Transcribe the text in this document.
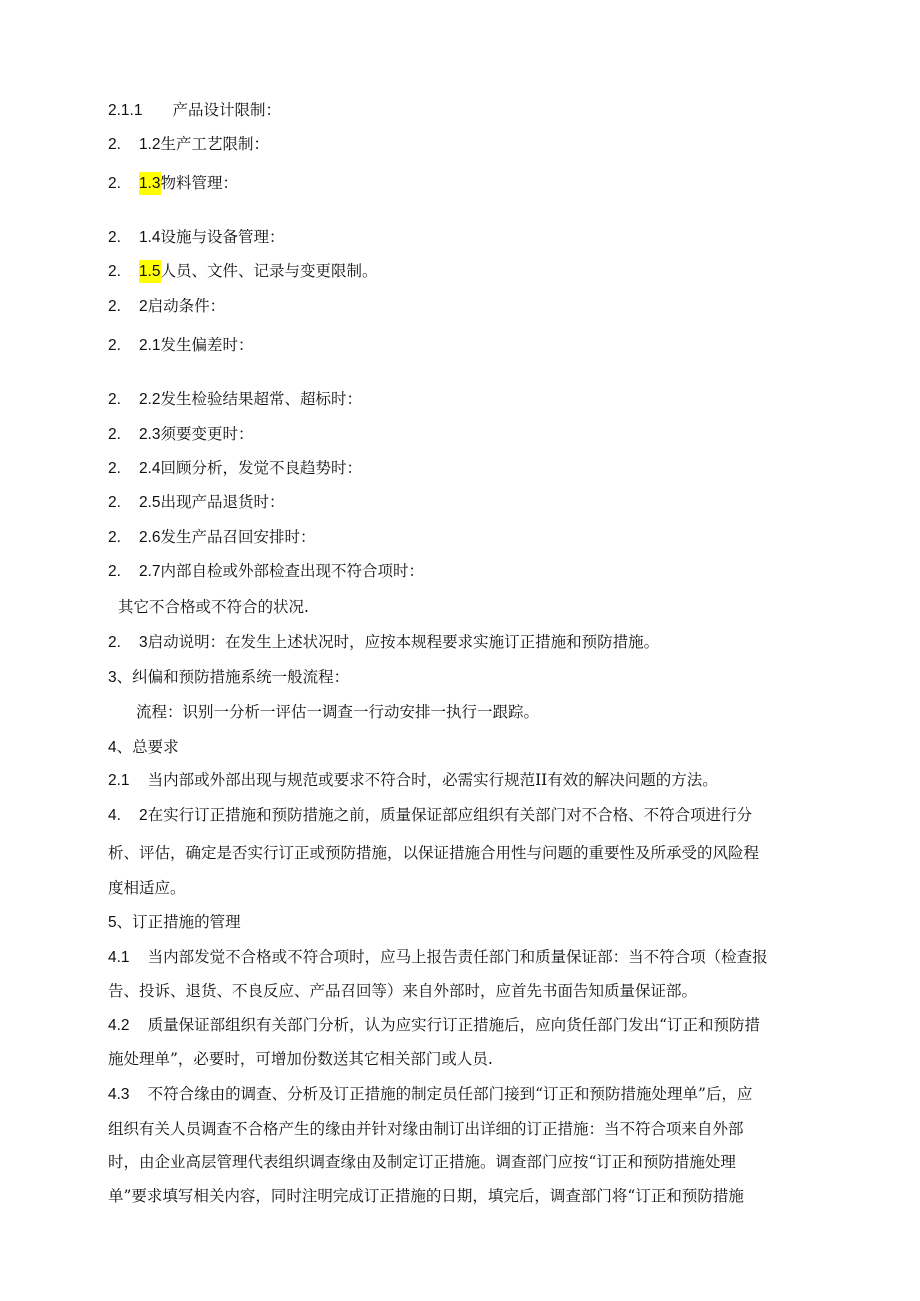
2.1.1 产品设计限制：
2. 1.2生产工艺限制：
2. 1.3物料管理：
2. 1.4设施与设备管理：
2. 1.5人员、文件、记录与变更限制。
2. 2启动条件：
2. 2.1发生偏差时：
2. 2.2发生检验结果超常、超标时：
2. 2.3须要变更时：
2. 2.4回顾分析，发觉不良趋势时：
2. 2.5出现产品退货时：
2. 2.6发生产品召回安排时：
2. 2.7内部自检或外部检查出现不符合项时：
其它不合格或不符合的状况.
2. 3启动说明：在发生上述状况时，应按本规程要求实施订正措施和预防措施。
3、纠偏和预防措施系统一般流程：
流程：识别一分析一评估一调查一行动安排一执行一跟踪。
4、总要求
2.1 当内部或外部出现与规范或要求不符合时，必需实行规范II有效的解决问题的方法。
4. 2在实行订正措施和预防措施之前，质量保证部应组织有关部门对不合格、不符合项进行分
析、评估，确定是否实行订正或预防措施，以保证措施合用性与问题的重要性及所承受的风险程
度相适应。
5、订正措施的管理
4.1 当内部发觉不合格或不符合项时，应马上报告责任部门和质量保证部：当不符合项（检查报
告、投诉、退货、不良反应、产品召回等）来自外部时，应首先书面告知质量保证部。
4.2 质量保证部组织有关部门分析，认为应实行订正措施后，应向货任部门发出“订正和预防措
施处理单”，必要时，可增加份数送其它相关部门或人员.
4.3 不符合缘由的调查、分析及订正措施的制定员任部门接到“订正和预防措施处理单”后，应
组织有关人员调查不合格产生的缘由并针对缘由制订出详细的订正措施：当不符合项来自外部
时，由企业高层管理代表组织调查缘由及制定订正措施。调查部门应按“订正和预防措施处理
单”要求填写相关内容，同时注明完成订正措施的日期，填完后，调查部门将“订正和预防措施
